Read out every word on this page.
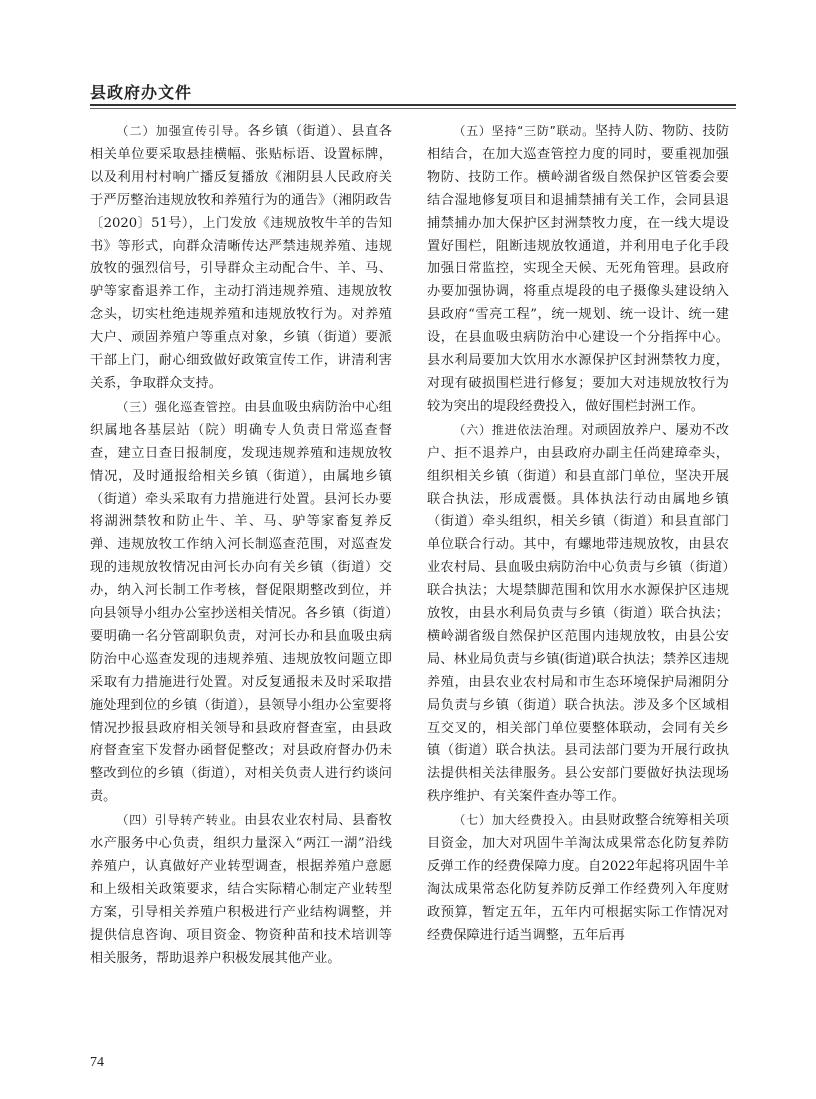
县政府办文件

（二）加强宣传引导。各乡镇（街道）、县直各相关单位要采取悬挂横幅、张贴标语、设置标牌，以及利用村村响广播反复播放《湘阴县人民政府关于严厉整治违规放牧和养殖行为的通告》（湘阴政告〔2020〕51号），上门发放《违规放牧牛羊的告知书》等形式，向群众清晰传达严禁违规养殖、违规放牧的强烈信号，引导群众主动配合牛、羊、马、驴等家畜退养工作，主动打消违规养殖、违规放牧念头，切实杜绝违规养殖和违规放牧行为。对养殖大户、顽固养殖户等重点对象，乡镇（街道）要派干部上门，耐心细致做好政策宣传工作，讲清利害关系，争取群众支持。

（三）强化巡查管控。由县血吸虫病防治中心组织属地各基层站（院）明确专人负责日常巡查督查，建立日查日报制度，发现违规养殖和违规放牧情况，及时通报给相关乡镇（街道），由属地乡镇（街道）牵头采取有力措施进行处置。县河长办要将湖洲禁牧和防止牛、羊、马、驴等家畜复养反弹、违规放牧工作纳入河长制巡查范围，对巡查发现的违规放牧情况由河长办向有关乡镇（街道）交办，纳入河长制工作考核，督促限期整改到位，并向县领导小组办公室抄送相关情况。各乡镇（街道）要明确一名分管副职负责，对河长办和县血吸虫病防治中心巡查发现的违规养殖、违规放牧问题立即采取有力措施进行处置。对反复通报未及时采取措施处理到位的乡镇（街道），县领导小组办公室要将情况抄报县政府相关领导和县政府督查室，由县政府督查室下发督办函督促整改；对县政府督办仍未整改到位的乡镇（街道），对相关负责人进行约谈问责。

（四）引导转产转业。由县农业农村局、县畜牧水产服务中心负责，组织力量深入“两江一湖”沿线养殖户，认真做好产业转型调查，根据养殖户意愿和上级相关政策要求，结合实际精心制定产业转型方案，引导相关养殖户积极进行产业结构调整，并提供信息咨询、项目资金、物资种苗和技术培训等相关服务，帮助退养户积极发展其他产业。

（五）坚持“三防”联动。坚持人防、物防、技防相结合，在加大巡查管控力度的同时，要重视加强物防、技防工作。横岭湖省级自然保护区管委会要结合湿地修复项目和退捕禁捕有关工作，会同县退捕禁捕办加大保护区封洲禁牧力度，在一线大堤设置好围栏，阻断违规放牧通道，并利用电子化手段加强日常监控，实现全天候、无死角管理。县政府办要加强协调，将重点堤段的电子摄像头建设纳入县政府“雪亮工程”，统一规划、统一设计、统一建设，在县血吸虫病防治中心建设一个分指挥中心。县水利局要加大饮用水水源保护区封洲禁牧力度，对现有破损围栏进行修复；要加大对违规放牧行为较为突出的堤段经费投入，做好围栏封洲工作。

（六）推进依法治理。对顽固放养户、屡劝不改户、拒不退养户，由县政府办副主任尚建璋牵头，组织相关乡镇（街道）和县直部门单位，坚决开展联合执法，形成震慑。具体执法行动由属地乡镇（街道）牵头组织，相关乡镇（街道）和县直部门单位联合行动。其中，有螺地带违规放牧，由县农业农村局、县血吸虫病防治中心负责与乡镇（街道）联合执法；大堤禁脚范围和饮用水水源保护区违规放牧，由县水利局负责与乡镇（街道）联合执法；横岭湖省级自然保护区范围内违规放牧，由县公安局、林业局负责与乡镇(街道)联合执法；禁养区违规养殖，由县农业农村局和市生态环境保护局湘阴分局负责与乡镇（街道）联合执法。涉及多个区域相互交叉的，相关部门单位要整体联动，会同有关乡镇（街道）联合执法。县司法部门要为开展行政执法提供相关法律服务。县公安部门要做好执法现场秩序维护、有关案件查办等工作。

（七）加大经费投入。由县财政整合统筹相关项目资金，加大对巩固牛羊淘汰成果常态化防复养防反弹工作的经费保障力度。自2022年起将巩固牛羊淘汰成果常态化防复养防反弹工作经费列入年度财政预算，暂定五年，五年内可根据实际工作情况对经费保障进行适当调整，五年后再

74
